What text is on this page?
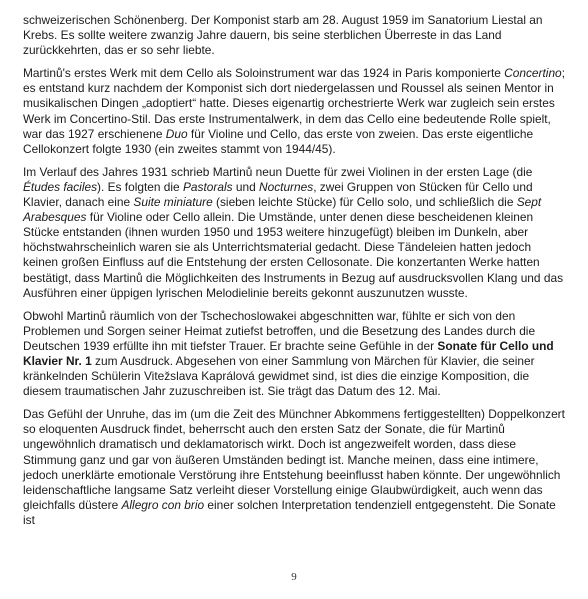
schweizerischen Schönenberg. Der Komponist starb am 28. August 1959 im Sanatorium Liestal an Krebs. Es sollte weitere zwanzig Jahre dauern, bis seine sterblichen Überreste in das Land zurückkehrten, das er so sehr liebte.

Martinů's erstes Werk mit dem Cello als Soloinstrument war das 1924 in Paris komponierte Concertino; es entstand kurz nachdem der Komponist sich dort niedergelassen und Roussel als seinen Mentor in musikalischen Dingen „adoptiert“ hatte. Dieses eigenartig orchestrierte Werk war zugleich sein erstes Werk im Concertino-Stil. Das erste Instrumentalwerk, in dem das Cello eine bedeutende Rolle spielt, war das 1927 erschienene Duo für Violine und Cello, das erste von zweien. Das erste eigentliche Cellokonzert folgte 1930 (ein zweites stammt von 1944/45).

Im Verlauf des Jahres 1931 schrieb Martinů neun Duette für zwei Violinen in der ersten Lage (die Études faciles). Es folgten die Pastorals und Nocturnes, zwei Gruppen von Stücken für Cello und Klavier, danach eine Suite miniature (sieben leichte Stücke) für Cello solo, und schließlich die Sept Arabesques für Violine oder Cello allein. Die Umstände, unter denen diese bescheidenen kleinen Stücke entstanden (ihnen wurden 1950 und 1953 weitere hinzugefügt) bleiben im Dunkeln, aber höchstwahrscheinlich waren sie als Unterrichtsmaterial gedacht. Diese Tändeleien hatten jedoch keinen großen Einfluss auf die Entstehung der ersten Cellosonate. Die konzertanten Werke hatten bestätigt, dass Martinů die Möglichkeiten des Instruments in Bezug auf ausdrucksvollen Klang und das Ausführen einer üppigen lyrischen Melodielinie bereits gekonnt auszunutzen wusste.

Obwohl Martinů räumlich von der Tschechoslowakei abgeschnitten war, fühlte er sich von den Problemen und Sorgen seiner Heimat zutiefst betroffen, und die Besetzung des Landes durch die Deutschen 1939 erfüllte ihn mit tiefster Trauer. Er brachte seine Gefühle in der Sonate für Cello und Klavier Nr. 1 zum Ausdruck. Abgesehen von einer Sammlung von Märchen für Klavier, die seiner kränkelnden Schülerin Vitežslava Kaprálová gewidmet sind, ist dies die einzige Komposition, die diesem traumatischen Jahr zuzuschreiben ist. Sie trägt das Datum des 12. Mai.

Das Gefühl der Unruhe, das im (um die Zeit des Münchner Abkommens fertiggestellten) Doppelkonzert so eloquenten Ausdruck findet, beherrscht auch den ersten Satz der Sonate, die für Martinů ungewöhnlich dramatisch und deklamatorisch wirkt. Doch ist angezweifelt worden, dass diese Stimmung ganz und gar von äußeren Umständen bedingt ist. Manche meinen, dass eine intimere, jedoch unerklärte emotionale Verstörung ihre Entstehung beeinflusst haben könnte. Der ungewöhnlich leidenschaftliche langsame Satz verleiht dieser Vorstellung einige Glaubwürdigkeit, auch wenn das gleichfalls düstere Allegro con brio einer solchen Interpretation tendenziell entgegensteht. Die Sonate ist

9
